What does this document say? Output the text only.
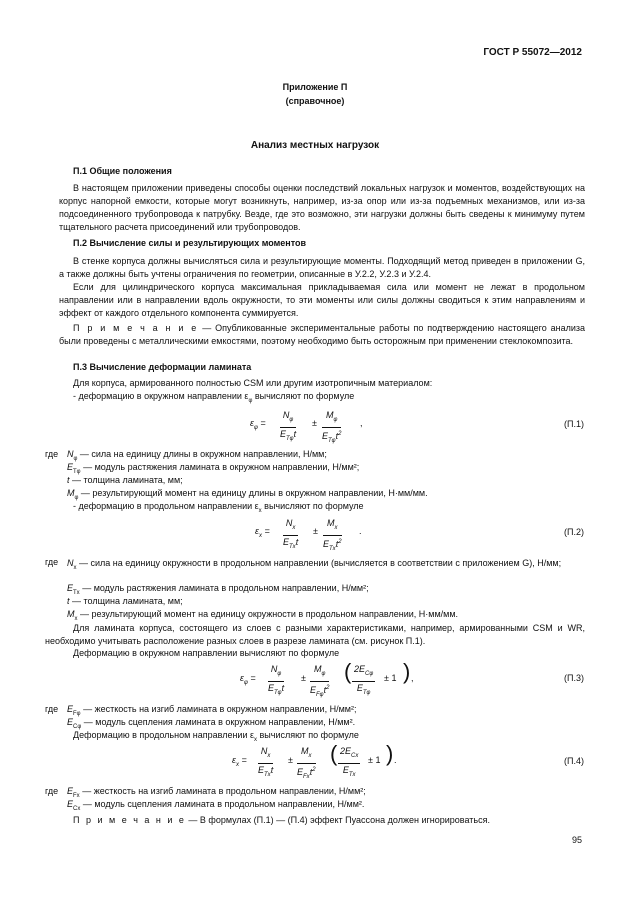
ГОСТ Р 55072—2012
Приложение П
(справочное)
Анализ местных нагрузок
П.1 Общие положения
В настоящем приложении приведены способы оценки последствий локальных нагрузок и моментов, воздействующих на корпус напорной емкости, которые могут возникнуть, например, из-за опор или из-за подъемных механизмов, или из-за подсоединенного трубопровода к патрубку. Везде, где это возможно, эти нагрузки должны быть сведены к минимуму путем тщательного расчета присоединений или трубопроводов.
П.2 Вычисление силы и результирующих моментов
В стенке корпуса должны вычисляться сила и результирующие моменты. Подходящий метод приведен в приложении G, а также должны быть учтены ограничения по геометрии, описанные в У.2.2, У.2.3 и У.2.4.
Если для цилиндрического корпуса максимальная прикладываемая сила или момент не лежат в продольном направлении или в направлении вдоль окружности, то эти моменты или силы должны сводиться к этим направлениям и эффект от каждого отдельного компонента суммируется.
П р и м е ч а н и е — Опубликованные экспериментальные работы по подтверждению настоящего анализа были проведены с металлическими емкостями, поэтому необходимо быть осторожным при применении стеклокомпозита.
П.3 Вычисление деформации ламината
Для корпуса, армированного полностью CSM или другим изотропичным материалом:
- деформацию в окружном направлении $\varepsilon_\varphi$ вычисляют по формуле
$\varepsilon_\varphi$ =
$N_\varphi$
$E_{T\varphi}t$
±
$M_\varphi$
$E_{T\varphi}t^2$
,	(П.1)
где $N_\varphi$ — сила на единицу длины в окружном направлении, Н/мм;
$E_{T\varphi}$ — модуль растяжения ламината в окружном направлении, Н/мм²;
t — толщина ламината, мм;
$M_\varphi$ — результирующий момент на единицу длины в окружном направлении, Н·мм/мм.
- деформацию в продольном направлении $\varepsilon_x$ вычисляют по формуле
$\varepsilon_x$ =
$N_x$
$E_{Tx}t$
±
$M_x$
$E_{Tx}t^2$
.	(П.2)
где $N_x$ — сила на единицу окружности в продольном направлении (вычисляется в соответствии с приложением G), Н/мм;
$E_{Tx}$ — модуль растяжения ламината в продольном направлении, Н/мм²;
t — толщина ламината, мм;
$M_x$ — результирующий момент на единицу окружности в продольном направлении, Н·мм/мм.
Для ламината корпуса, состоящего из слоев с разными характеристиками, например, армированными CSM и WR, необходимо учитывать расположение разных слоев в разрезе ламината (см. рисунок П.1).
Деформацию в окружном направлении вычисляют по формуле
$\varepsilon_\varphi$ =
$N_\varphi$
$E_{T\varphi}t$
±
$M_\varphi$
$E_{F\varphi}t^2$
( $2E_{C\varphi}$
$E_{T\varphi}$
± 1 ) ,	(П.3)
где $E_{F\varphi}$ — жесткость на изгиб ламината в окружном направлении, Н/мм²;
$E_{C\varphi}$ — модуль сцепления ламината в окружном направлении, Н/мм².
Деформацию в продольном направлении $\varepsilon_x$ вычисляют по формуле
$\varepsilon_x$ =
$N_x$
$E_{Tx}t$
±
$M_x$
$E_{Fx}t^2$
( $2E_{Cx}$
$E_{Tx}$
± 1 ) .	(П.4)
где $E_{Fx}$ — жесткость на изгиб ламината в продольном направлении, Н/мм²;
$E_{Cx}$ — модуль сцепления ламината в продольном направлении, Н/мм².
П р и м е ч а н и е — В формулах (П.1) — (П.4) эффект Пуассона должен игнорироваться.
95
